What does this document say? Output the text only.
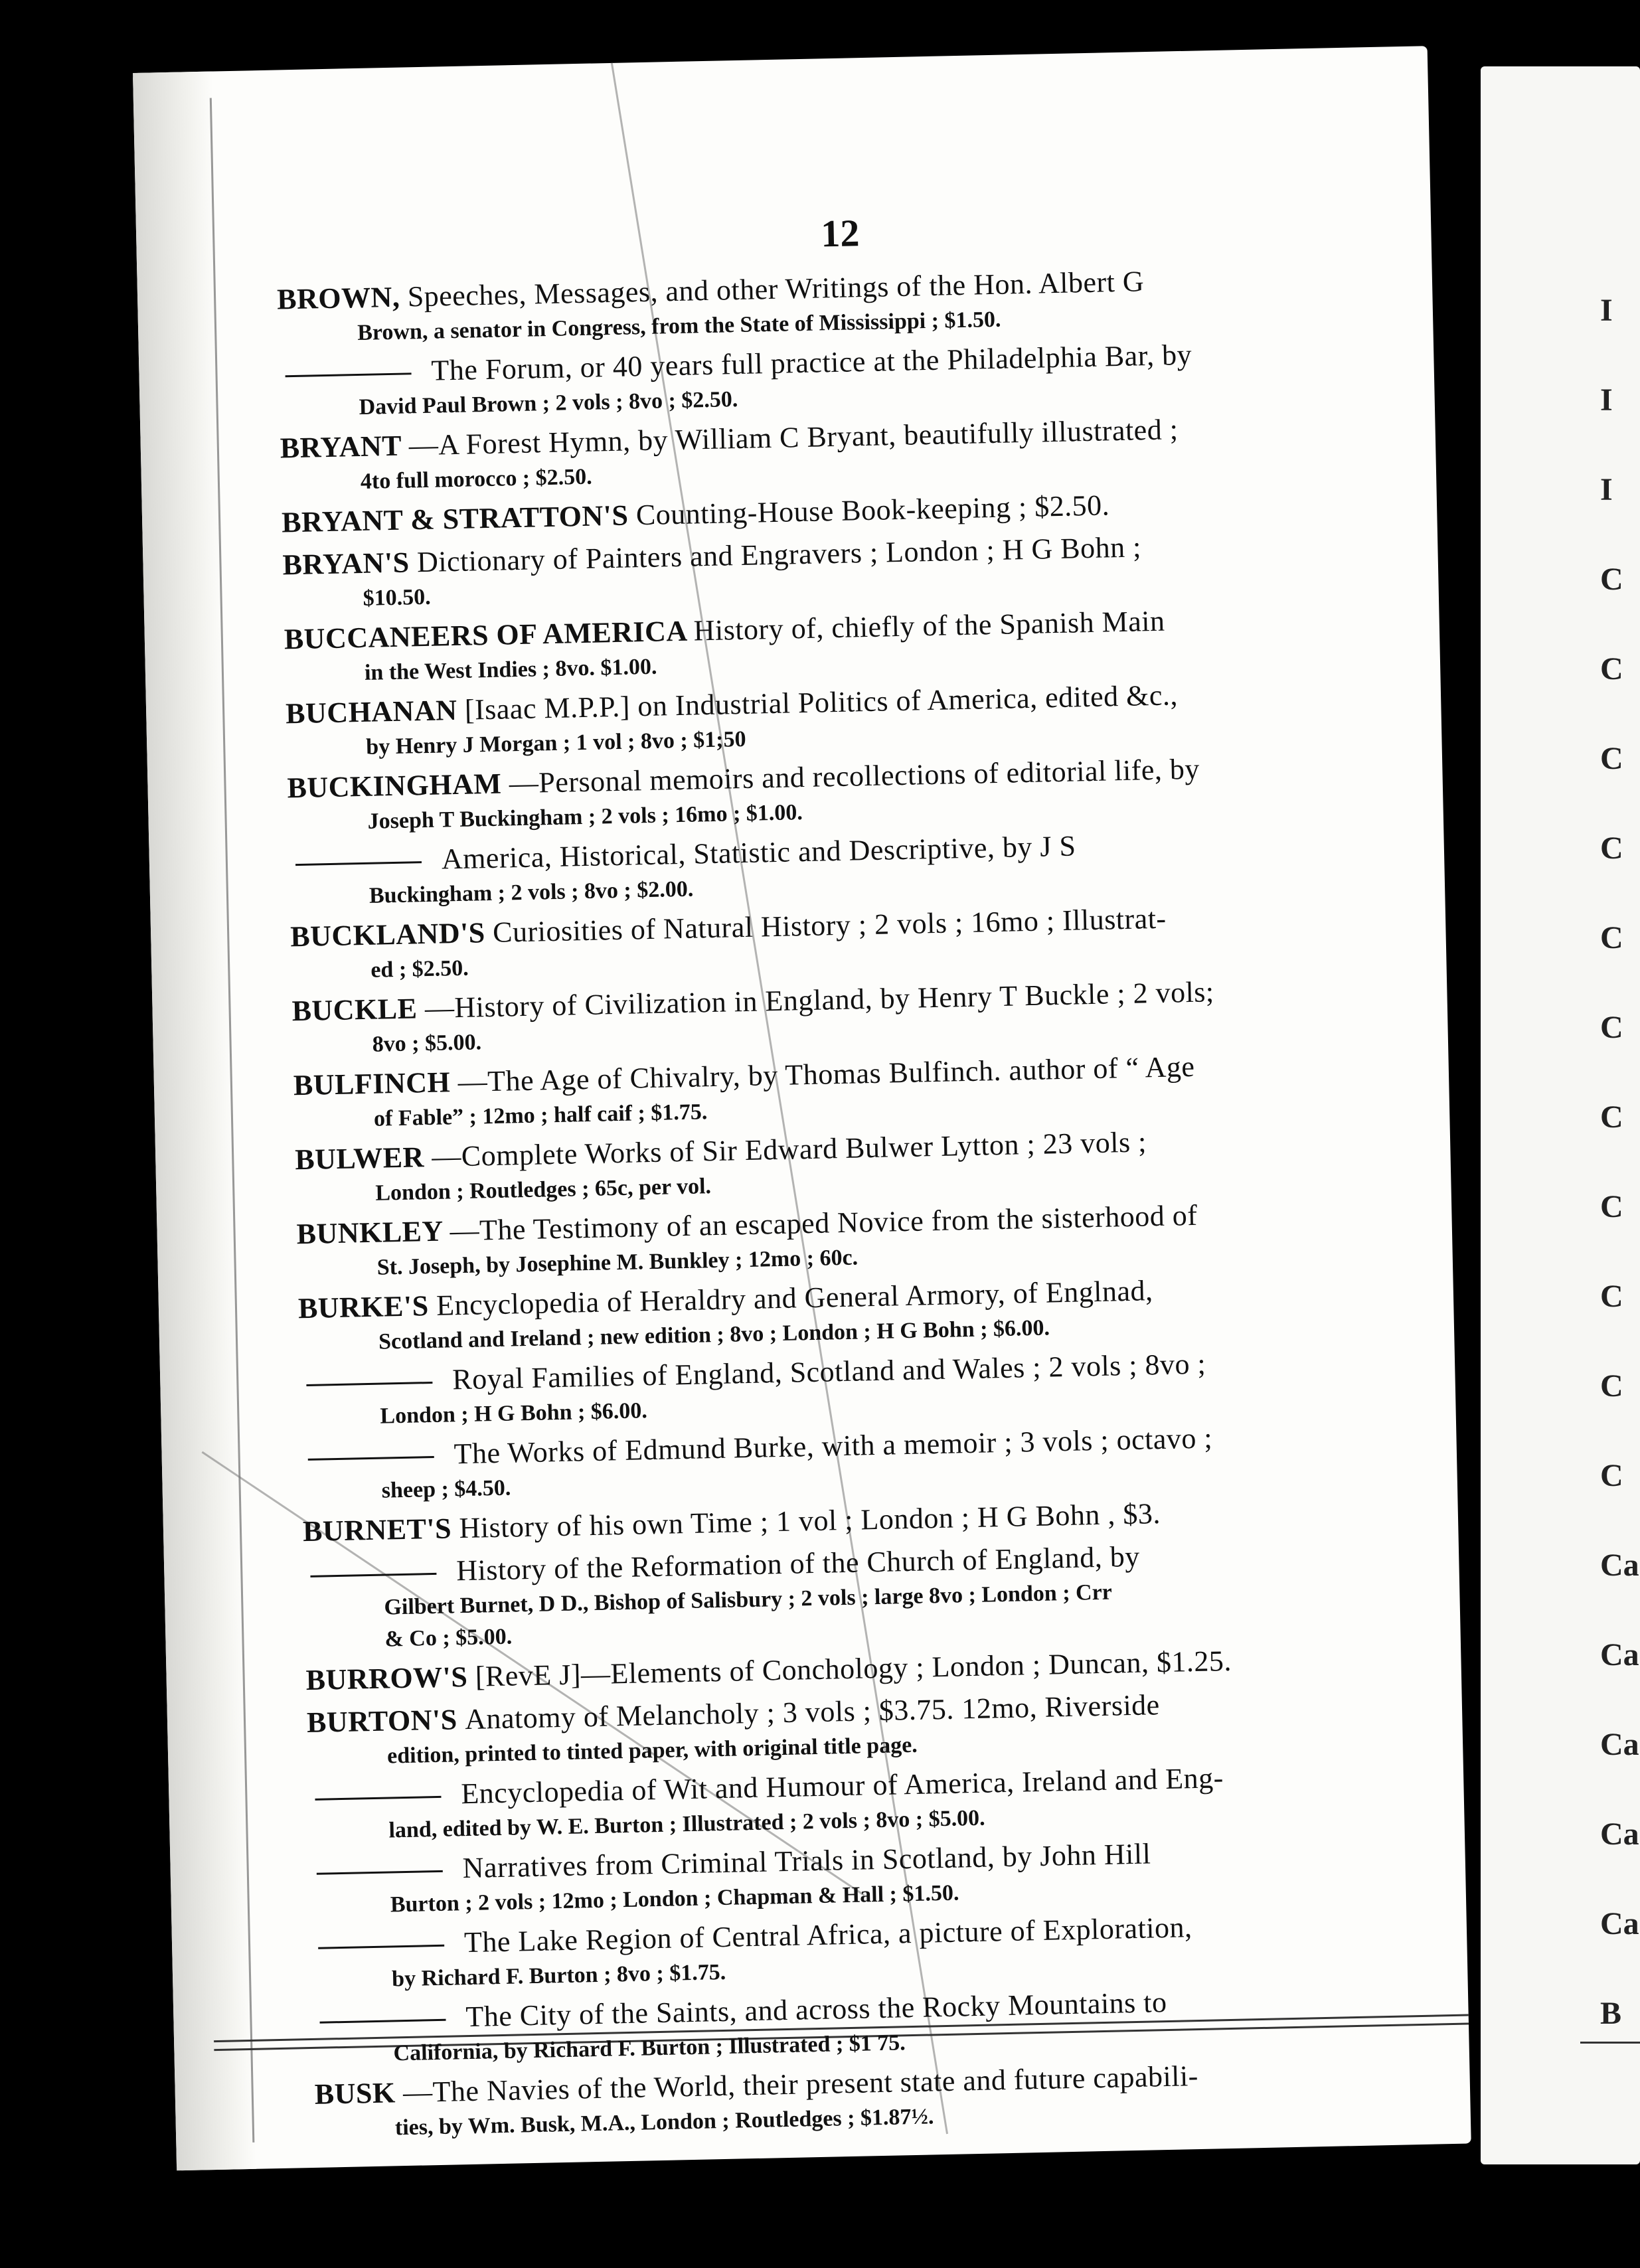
12
BROWN, Speeches, Messages, and other Writings of the Hon. Albert G
Brown, a senator in Congress, from the State of Mississippi ; $1.50.
The Forum, or 40 years full practice at the Philadelphia Bar, by
David Paul Brown ; 2 vols ; 8vo ; $2.50.
BRYANT —A Forest Hymn, by William C Bryant, beautifully illustrated ;
4to full morocco ; $2.50.
BRYANT & STRATTON'S Counting-House Book-keeping ; $2.50.
BRYAN'S Dictionary of Painters and Engravers ; London ; H G Bohn ;
$10.50.
BUCCANEERS OF AMERICA History of, chiefly of the Spanish Main
in the West Indies ; 8vo. $1.00.
BUCHANAN [Isaac M.P.P.] on Industrial Politics of America, edited &c.,
by Henry J Morgan ; 1 vol ; 8vo ; $1;50
BUCKINGHAM —Personal memoirs and recollections of editorial life, by
Joseph T Buckingham ; 2 vols ; 16mo ; $1.00.
America, Historical, Statistic and Descriptive, by J S
Buckingham ; 2 vols ; 8vo ; $2.00.
BUCKLAND'S Curiosities of Natural History ; 2 vols ; 16mo ; Illustrat-
ed ; $2.50.
BUCKLE —History of Civilization in England, by Henry T Buckle ; 2 vols;
8vo ; $5.00.
BULFINCH —The Age of Chivalry, by Thomas Bulfinch. author of “ Age
of Fable” ; 12mo ; half caif ; $1.75.
BULWER —Complete Works of Sir Edward Bulwer Lytton ; 23 vols ;
London ; Routledges ; 65c, per vol.
BUNKLEY —The Testimony of an escaped Novice from the sisterhood of
St. Joseph, by Josephine M. Bunkley ; 12mo ; 60c.
BURKE'S Encyclopedia of Heraldry and General Armory, of Englnad,
Scotland and Ireland ; new edition ; 8vo ; London ; H G Bohn ; $6.00.
Royal Families of England, Scotland and Wales ; 2 vols ; 8vo ;
London ; H G Bohn ; $6.00.
The Works of Edmund Burke, with a memoir ; 3 vols ; octavo ;
sheep ; $4.50.
BURNET'S History of his own Time ; 1 vol ; London ; H G Bohn , $3.
History of the Reformation of the Church of England, by
Gilbert Burnet, D D., Bishop of Salisbury ; 2 vols ; large 8vo ; London ; Crr
& Co ; $5.00.
BURROW'S [RevE J]—Elements of Conchology ; London ; Duncan, $1.25.
BURTON'S Anatomy of Melancholy ; 3 vols ; $3.75. 12mo, Riverside
edition, printed to tinted paper, with original title page.
Encyclopedia of Wit and Humour of America, Ireland and Eng-
land, edited by W. E. Burton ; Illustrated ; 2 vols ; 8vo ; $5.00.
Narratives from Criminal Trials in Scotland, by John Hill
Burton ; 2 vols ; 12mo ; London ; Chapman & Hall ; $1.50.
The Lake Region of Central Africa, a picture of Exploration,
by Richard F. Burton ; 8vo ; $1.75.
The City of the Saints, and across the Rocky Mountains to
California, by Richard F. Burton ; Illustrated ; $1 75.
BUSK —The Navies of the World, their present state and future capabili-
ties, by Wm. Busk, M.A., London ; Routledges ; $1.87½.
I
I
I
C
C
C
C
C
C
C
C
C
C
C
Ca
Ca
Ca
Ca
Ca
B
